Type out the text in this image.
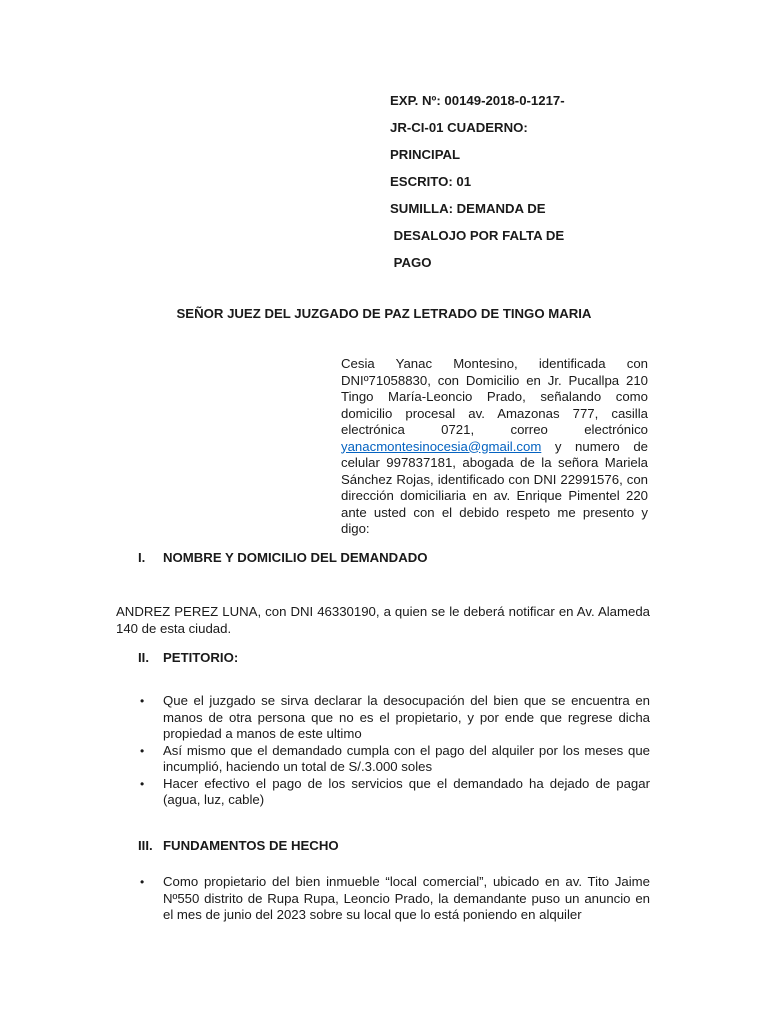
EXP. Nº: 00149-2018-0-1217-
JR-CI-01 CUADERNO:
PRINCIPAL
ESCRITO: 01
SUMILLA: DEMANDA DE
DESALOJO POR FALTA DE
PAGO
SEÑOR JUEZ DEL JUZGADO DE PAZ LETRADO DE TINGO MARIA
Cesia Yanac Montesino, identificada con DNIº71058830, con Domicilio en Jr. Pucallpa 210 Tingo María-Leoncio Prado, señalando como domicilio procesal av. Amazonas 777, casilla electrónica 0721, correo electrónico yanacmontesinocesia@gmail.com y numero de celular 997837181, abogada de la señora Mariela Sánchez Rojas, identificado con DNI 22991576, con dirección domiciliaria en av. Enrique Pimentel 220 ante usted con el debido respeto me presento y digo:
I. NOMBRE Y DOMICILIO DEL DEMANDADO
ANDREZ PEREZ LUNA, con DNI 46330190, a quien se le deberá notificar en Av. Alameda 140 de esta ciudad.
II. PETITORIO:
• Que el juzgado se sirva declarar la desocupación del bien que se encuentra en manos de otra persona que no es el propietario, y por ende que regrese dicha propiedad a manos de este ultimo
• Así mismo que el demandado cumpla con el pago del alquiler por los meses que incumplió, haciendo un total de S/.3.000 soles
• Hacer efectivo el pago de los servicios que el demandado ha dejado de pagar (agua, luz, cable)
III. FUNDAMENTOS DE HECHO
• Como propietario del bien inmueble “local comercial”, ubicado en av. Tito Jaime Nº550 distrito de Rupa Rupa, Leoncio Prado, la demandante puso un anuncio en el mes de junio del 2023 sobre su local que lo está poniendo en alquiler
